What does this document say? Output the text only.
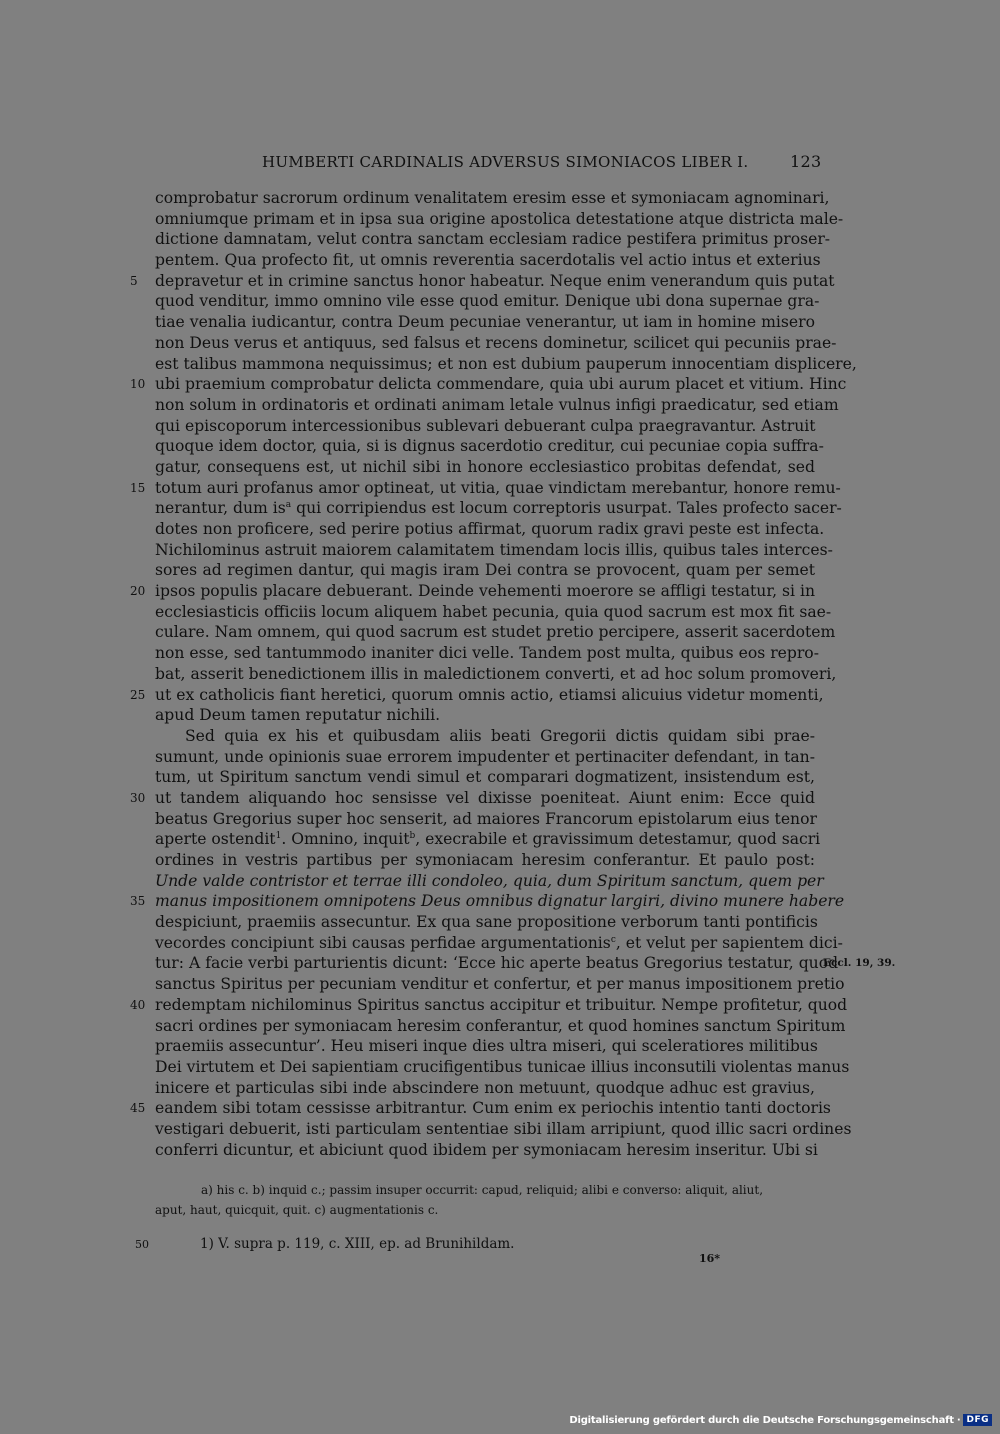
HUMBERTI CARDINALIS ADVERSUS SIMONIACOS LIBER I.	123
comprobatur sacrorum ordinum venalitatem eresim esse et symoniacam agnominari,
omniumque primam et in ipsa sua origine apostolica detestatione atque districta male-
dictione damnatam, velut contra sanctam ecclesiam radice pestifera primitus proser-
pentem. Qua profecto fit, ut omnis reverentia sacerdotalis vel actio intus et exterius
5 depravetur et in crimine sanctus honor habeatur. Neque enim venerandum quis putat
quod venditur, immo omnino vile esse quod emitur. Denique ubi dona supernae gra-
tiae venalia iudicantur, contra Deum pecuniae venerantur, ut iam in homine misero
non Deus verus et antiquus, sed falsus et recens dominetur, scilicet qui pecuniis prae-
est talibus mammona nequissimus; et non est dubium pauperum innocentiam displicere,
10 ubi praemium comprobatur delicta commendare, quia ubi aurum placet et vitium. Hinc
non solum in ordinatoris et ordinati animam letale vulnus infigi praedicatur, sed etiam
qui episcoporum intercessionibus sublevari debuerant culpa praegravantur. Astruit
quoque idem doctor, quia, si is dignus sacerdotio creditur, cui pecuniae copia suffra-
gatur, consequens est, ut nichil sibi in honore ecclesiastico probitas defendat, sed
15 totum auri profanus amor optineat, ut vitia, quae vindictam merebantur, honore remu-
nerantur, dum $is^a$ qui corripiendus est locum correptoris usurpat. Tales profecto sacer-
dotes non proficere, sed perire potius affirmat, quorum radix gravi peste est infecta.
Nichilominus astruit maiorem calamitatem timendam locis illis, quibus tales interces-
sores ad regimen dantur, qui magis iram Dei contra se provocent, quam per semet
20 ipsos populis placare debuerant. Deinde vehementi moerore se affligi testatur, si in
ecclesiasticis officiis locum aliquem habet pecunia, quia quod sacrum est mox fit sae-
culare. Nam omnem, qui quod sacrum est studet pretio percipere, asserit sacerdotem
non esse, sed tantummodo inaniter dici velle. Tandem post multa, quibus eos repro-
bat, asserit benedictionem illis in maledictionem converti, et ad hoc solum promoveri,
25 ut ex catholicis fiant heretici, quorum omnis actio, etiamsi alicuius videtur momenti,
apud Deum tamen reputatur nichili.
Sed quia ex his et quibusdam aliis beati Gregorii dictis quidam sibi prae-
sumunt, unde opinionis suae errorem impudenter et pertinaciter defendant, in tan-
tum, ut Spiritum sanctum vendi simul et comparari dogmatizent, insistendum est,
30 ut tandem aliquando hoc sensisse vel dixisse poeniteat. Aiunt enim: Ecce quid
beatus Gregorius super hoc senserit, ad maiores Francorum epistolarum eius tenor
aperte ostendit$^1$. Omnino, inquit$^b$, execrabile et gravissimum detestamur, quod sacri
ordines in vestris partibus per symoniacam heresim conferantur. Et paulo post:
Unde valde contristor et terrae illi condoleo, quia, dum Spiritum sanctum, quem per
35 manus impositionem omnipotens Deus omnibus dignatur largiri, divino munere habere
despiciunt, praemiis assecuntur. Ex qua sane propositione verborum tanti pontificis
vecordes concipiunt sibi causas perfidae argumentationis$^c$, et velut per sapientem dici-
tur: A facie verbi parturientis dicunt: ‘Ecce hic aperte beatus Gregorius testatur, quod
Eccl. 19, 39.
sanctus Spiritus per pecuniam venditur et confertur, et per manus impositionem pretio
40 redemptam nichilominus Spiritus sanctus accipitur et tribuitur. Nempe profitetur, quod
sacri ordines per symoniacam heresim conferantur, et quod homines sanctum Spiritum
praemiis assecuntur’. Heu miseri inque dies ultra miseri, qui sceleratiores militibus
Dei virtutem et Dei sapientiam crucifigentibus tunicae illius inconsutili violentas manus
inicere et particulas sibi inde abscindere non metuunt, quodque adhuc est gravius,
45 eandem sibi totam cessisse arbitrantur. Cum enim ex periochis intentio tanti doctoris
vestigari debuerit, isti particulam sententiae sibi illam arripiunt, quod illic sacri ordines
conferri dicuntur, et abiciunt quod ibidem per symoniacam heresim inseritur. Ubi si
a) his c. b) inquid c.; passim insuper occurrit: capud, reliquid; alibi e converso: aliquit, aliut,
aput, haut, quicquit, quit. c) augmentationis c.
50	1) V. supra p. 119, c. XIII, ep. ad Brunihildam.
16*
Digitalisierung gefördert durch die Deutsche Forschungsgemeinschaft · DFG
